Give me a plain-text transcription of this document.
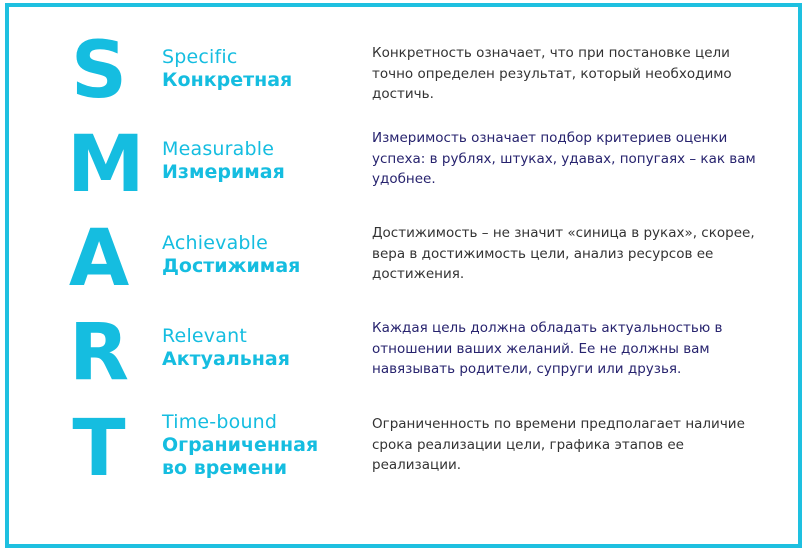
S Specific
Конкретная
Конкретность означает, что при постановке цели точно определен результат, который необходимо достичь.
M Measurable
Измеримая
Измеримость означает подбор критериев оценки успеха: в рублях, штуках, удавах, попугаях – как вам удобнее.
A Achievable
Достижимая
Достижимость – не значит «синица в руках», скорее, вера в достижимость цели, анализ ресурсов ее достижения.
R Relevant
Актуальная
Каждая цель должна обладать актуальностью в отношении ваших желаний. Ее не должны вам навязывать родители, супруги или друзья.
T Time-bound
Ограниченная
во времени
Ограниченность по времени предполагает наличие срока реализации цели, графика этапов ее реализации.
